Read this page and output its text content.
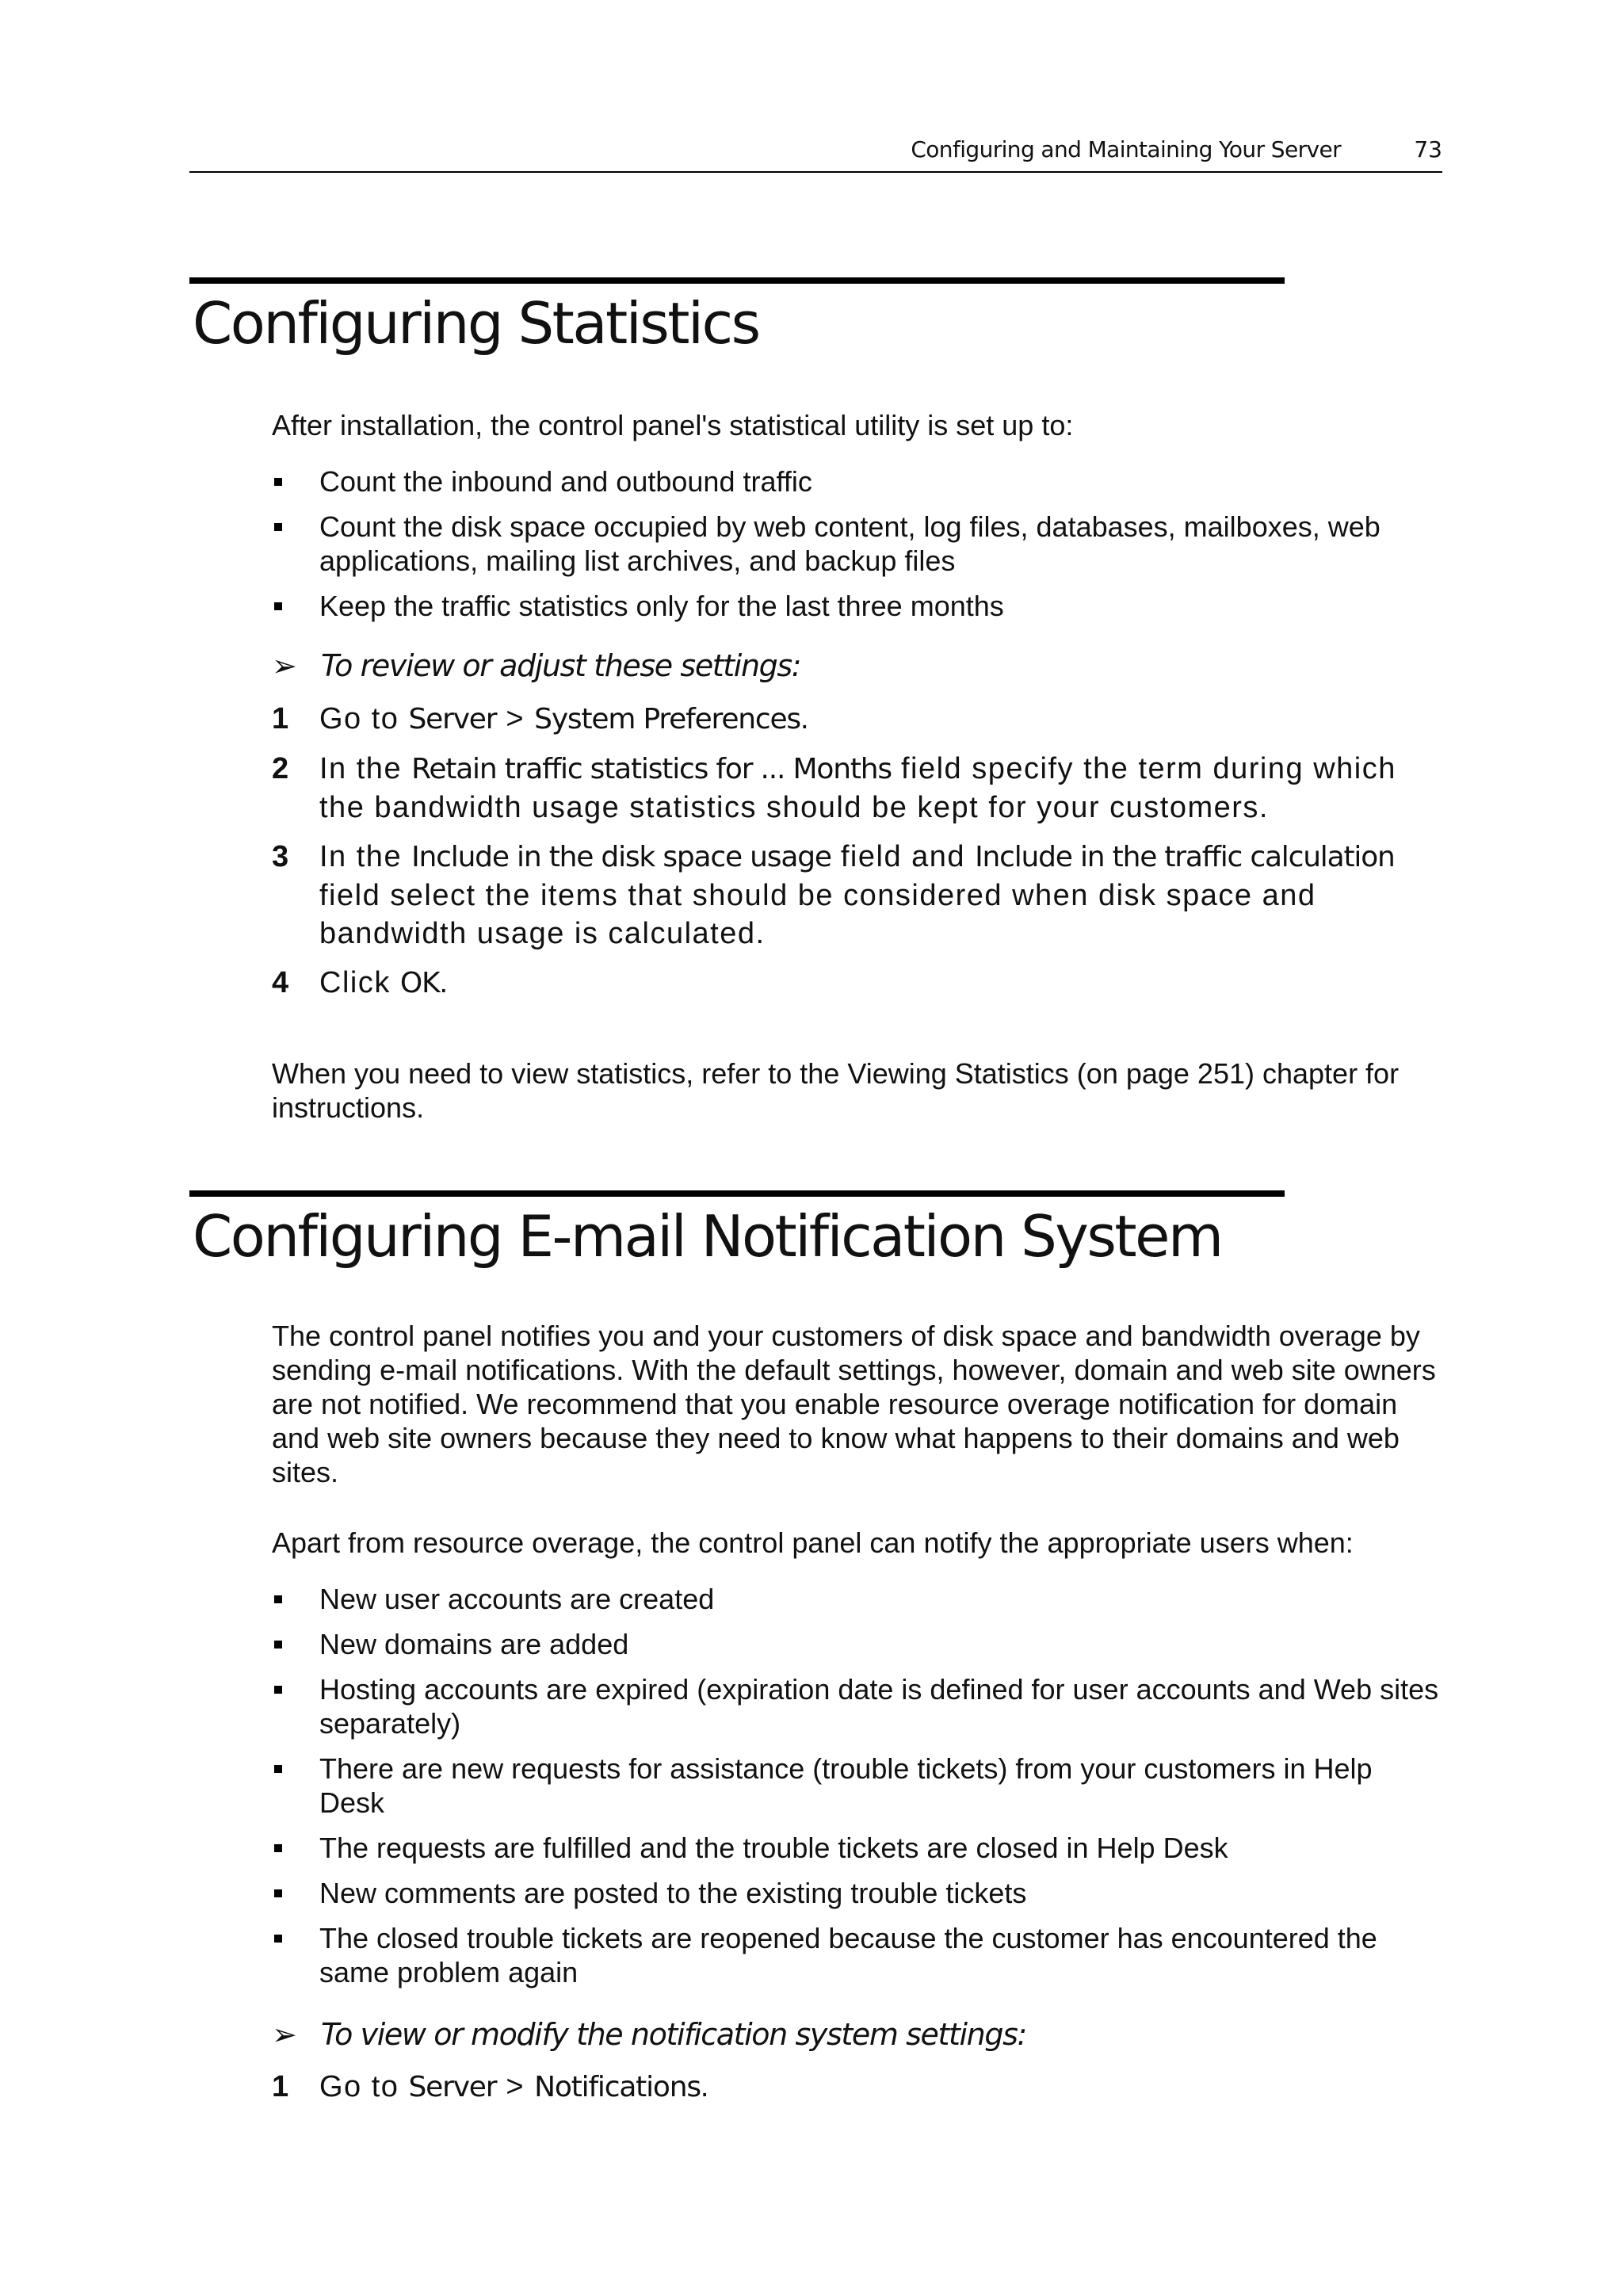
Configuring and Maintaining Your Server	73
Configuring Statistics
After installation, the control panel's statistical utility is set up to:
Count the inbound and outbound traffic
Count the disk space occupied by web content, log files, databases, mailboxes, web applications, mailing list archives, and backup files
Keep the traffic statistics only for the last three months
➢ To review or adjust these settings:
1 Go to Server > System Preferences.
2 In the Retain traffic statistics for ... Months field specify the term during which the bandwidth usage statistics should be kept for your customers.
3 In the Include in the disk space usage field and Include in the traffic calculation field select the items that should be considered when disk space and bandwidth usage is calculated.
4 Click OK.
When you need to view statistics, refer to the Viewing Statistics (on page 251) chapter for instructions.
Configuring E-mail Notification System
The control panel notifies you and your customers of disk space and bandwidth overage by sending e-mail notifications. With the default settings, however, domain and web site owners are not notified. We recommend that you enable resource overage notification for domain and web site owners because they need to know what happens to their domains and web sites.
Apart from resource overage, the control panel can notify the appropriate users when:
New user accounts are created
New domains are added
Hosting accounts are expired (expiration date is defined for user accounts and Web sites separately)
There are new requests for assistance (trouble tickets) from your customers in Help Desk
The requests are fulfilled and the trouble tickets are closed in Help Desk
New comments are posted to the existing trouble tickets
The closed trouble tickets are reopened because the customer has encountered the same problem again
➢ To view or modify the notification system settings:
1 Go to Server > Notifications.
